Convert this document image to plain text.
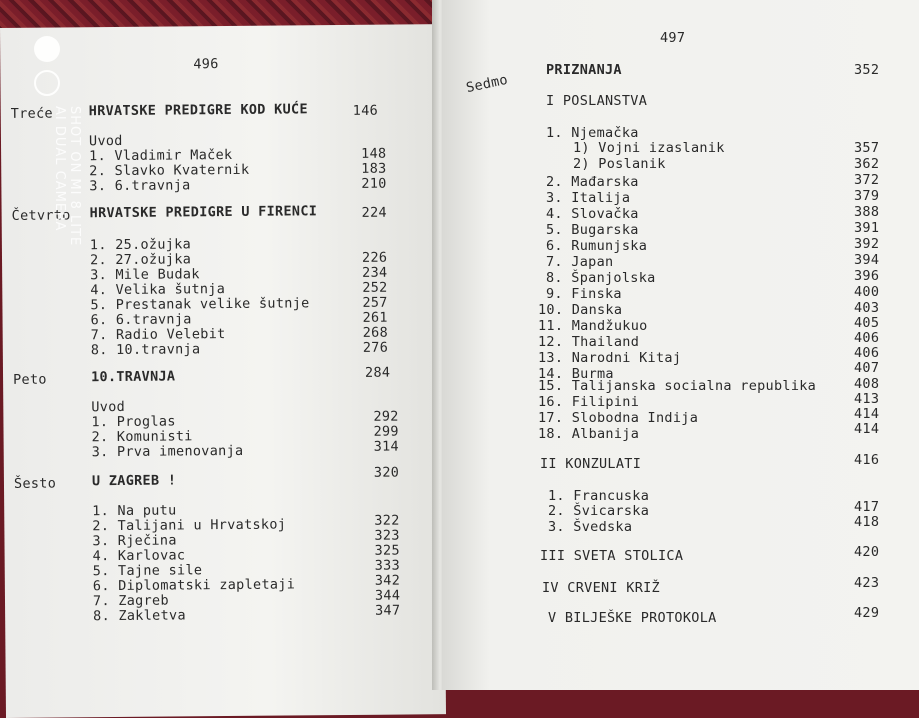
496
Treće	HRVATSKE PREDIGRE KOD KUĆE	146
Uvod
1. Vladimir Maček	148
2. Slavko Kvaternik	183
3. 6.travnja	210
Četvrto HRVATSKE PREDIGRE U FIRENCI	224
1. 25.ožujka
2. 27.ožujka	226
3. Mile Budak	234
4. Velika šutnja	252
5. Prestanak velike šutnje	257
6. 6.travnja	261
7. Radio Velebit	268
8. 10.travnja	276
Peto	10.TRAVNJA	284
Uvod
1. Proglas	292
2. Komunisti	299
3. Prva imenovanja	314
Šesto	U ZAGREB !	320
1. Na putu
2. Talijani u Hrvatskoj	322
3. Rječina	323
4. Karlovac	325
5. Tajne sile	333
6. Diplomatski zapletaji	342
7. Zagreb	344
8. Zakletva	347
497
Sedmo
PRIZNANJA	352
I POSLANSTVA
1. Njemačka
1) Vojni izaslanik	357
2) Poslanik	362
2. Mađarska	372
3. Italija	379
4. Slovačka	388
5. Bugarska	391
6. Rumunjska	392
7. Japan	394
8. Španjolska	396
9. Finska	400
10. Danska	403
11. Mandžukuo	405
12. Thailand	406
13. Narodni Kitaj	406
14. Burma	407
15. Talijanska socialna republika	408
16. Filipini	413
17. Slobodna Indija	414
18. Albanija	414
II KONZULATI	416
1. Francuska
2. Švicarska	417
3. Švedska	418
III SVETA STOLICA	420
IV CRVENI KRIŽ	423
V BILJEŠKE PROTOKOLA	429
SHOT ON MI 8 LITE
AI DUAL CAMERA
